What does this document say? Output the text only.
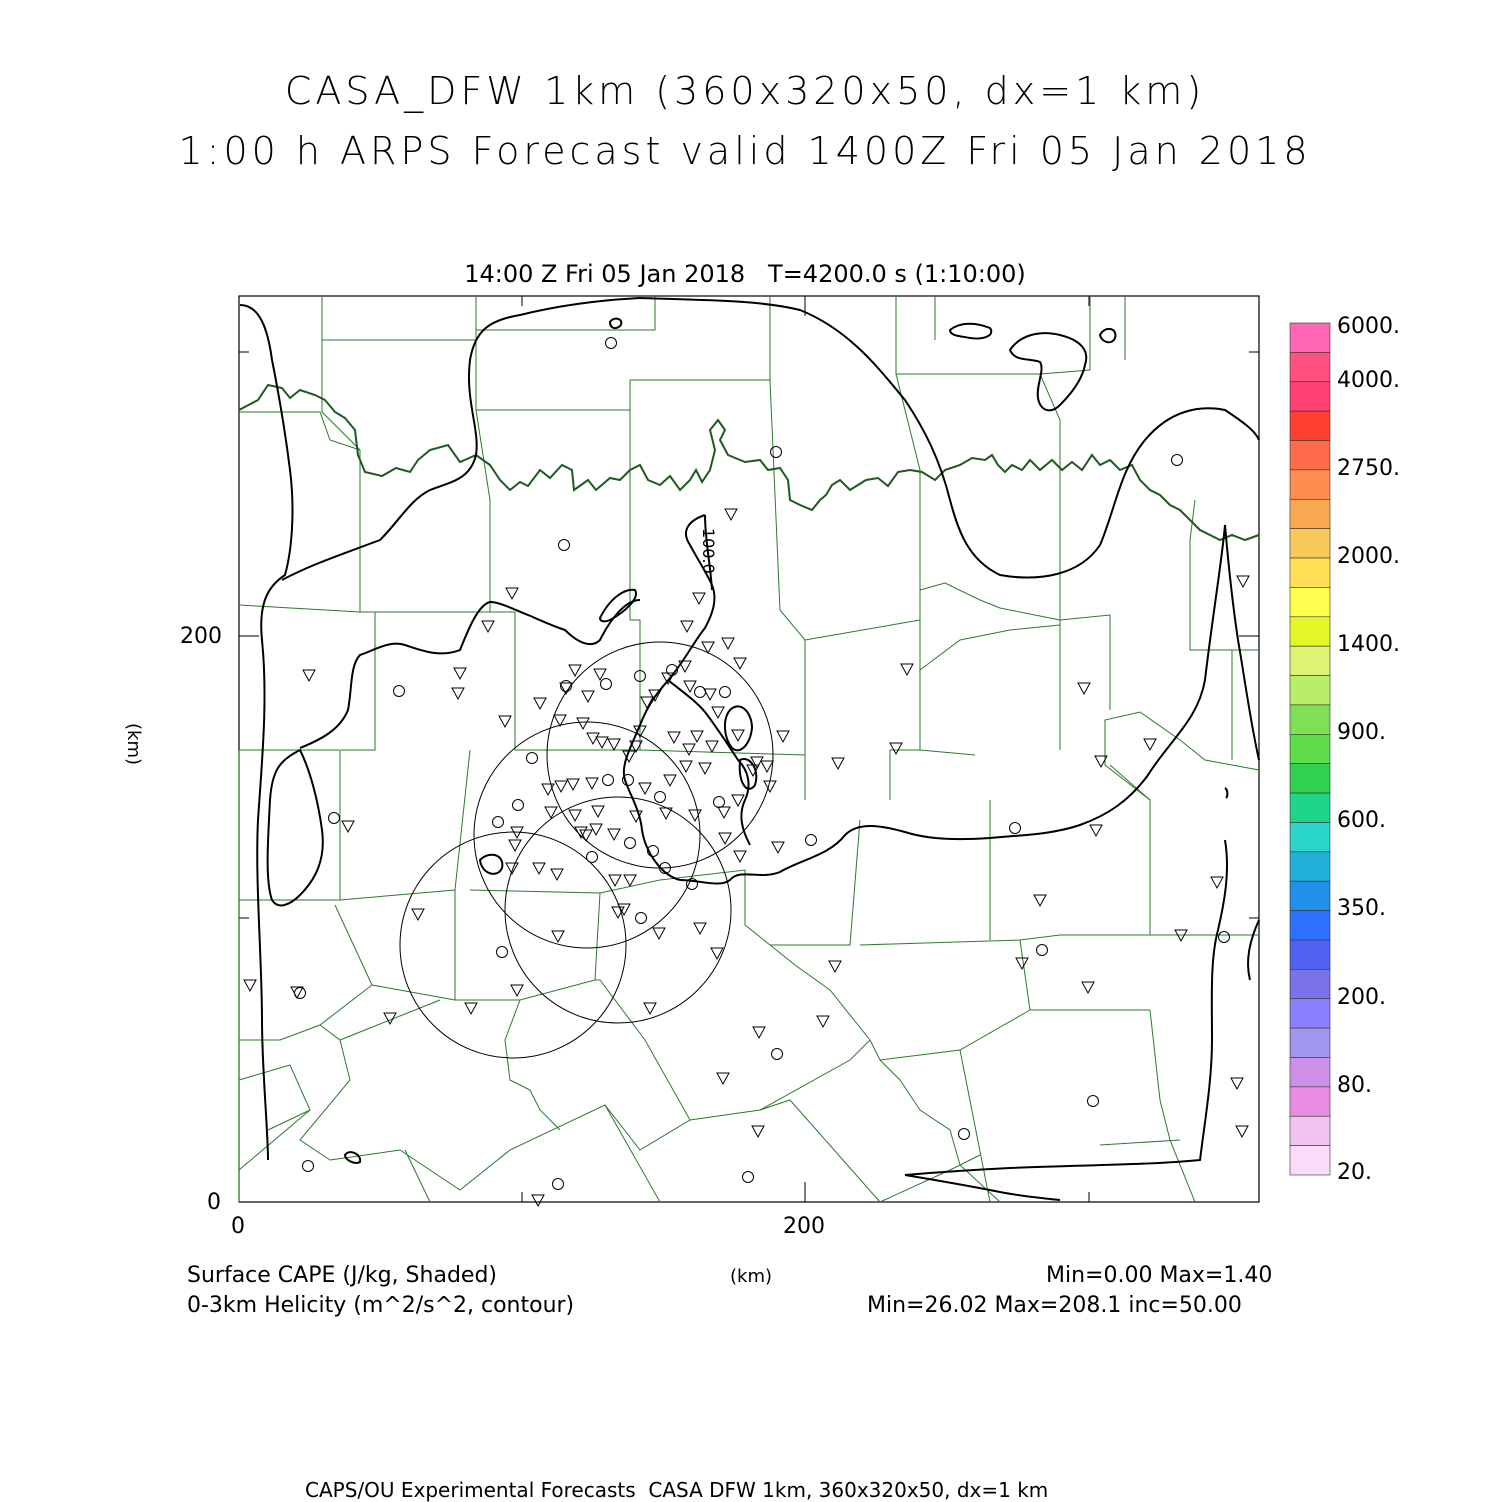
CASA_DFW 1km (360x320x50, dx=1 km)
1:00 h ARPS Forecast valid 1400Z Fri 05 Jan 2018
14:00 Z Fri 05 Jan 2018   T=4200.0 s (1:10:00)
100.0
200
0
0	200
(km)
6000.
4000.
2750.
2000.
1400.
900.
600.
350.
200.
80.
20.
Surface CAPE (J/kg, Shaded)
0-3km Helicity (m^2/s^2, contour)
(km)	Min=0.00 Max=1.40
Min=26.02 Max=208.1 inc=50.00
CAPS/OU Experimental Forecasts  CASA DFW 1km, 360x320x50, dx=1 km
